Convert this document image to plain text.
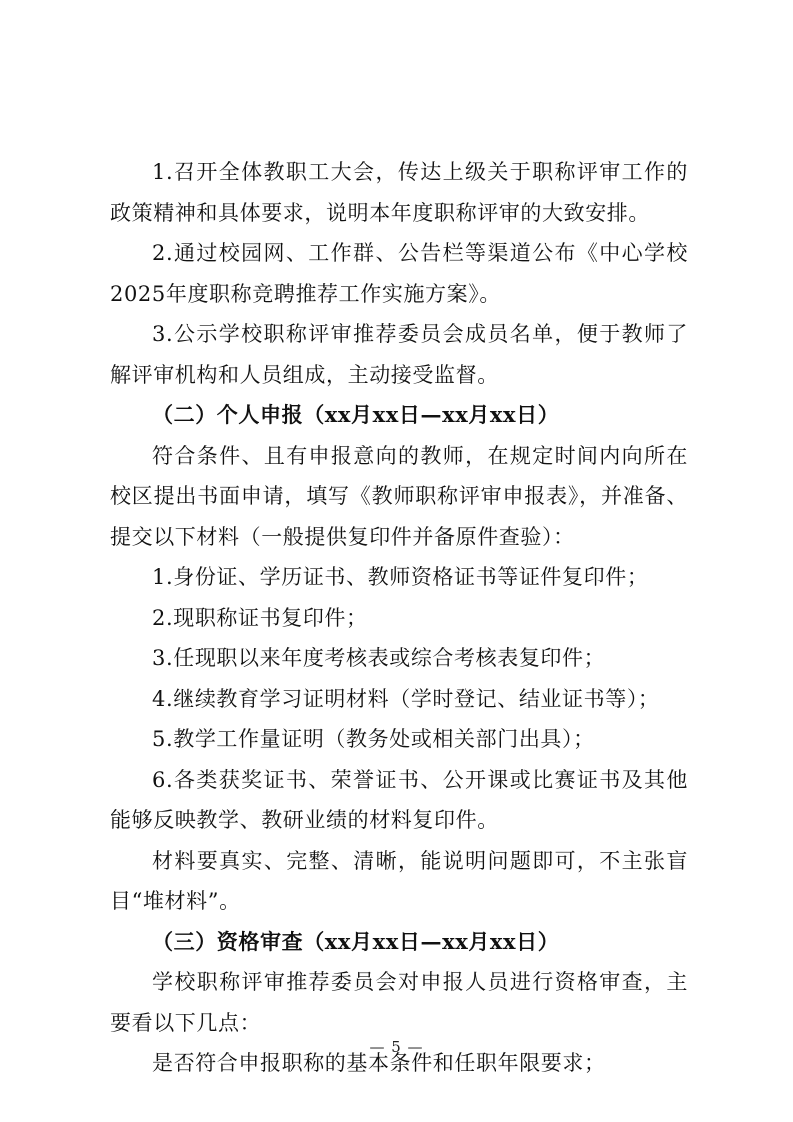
1.召开全体教职工大会，传达上级关于职称评审工作的政策精神和具体要求，说明本年度职称评审的大致安排。

2.通过校园网、工作群、公告栏等渠道公布《中心学校2025年度职称竞聘推荐工作实施方案》。

3.公示学校职称评审推荐委员会成员名单，便于教师了解评审机构和人员组成，主动接受监督。

（二）个人申报（xx月xx日—xx月xx日）

符合条件、且有申报意向的教师，在规定时间内向所在校区提出书面申请，填写《教师职称评审申报表》，并准备、提交以下材料（一般提供复印件并备原件查验）：

1.身份证、学历证书、教师资格证书等证件复印件；

2.现职称证书复印件；

3.任现职以来年度考核表或综合考核表复印件；

4.继续教育学习证明材料（学时登记、结业证书等）；

5.教学工作量证明（教务处或相关部门出具）；

6.各类获奖证书、荣誉证书、公开课或比赛证书及其他能够反映教学、教研业绩的材料复印件。

材料要真实、完整、清晰，能说明问题即可，不主张盲目“堆材料”。

（三）资格审查（xx月xx日—xx月xx日）

学校职称评审推荐委员会对申报人员进行资格审查，主要看以下几点：

是否符合申报职称的基本条件和任职年限要求；

— 5 —
